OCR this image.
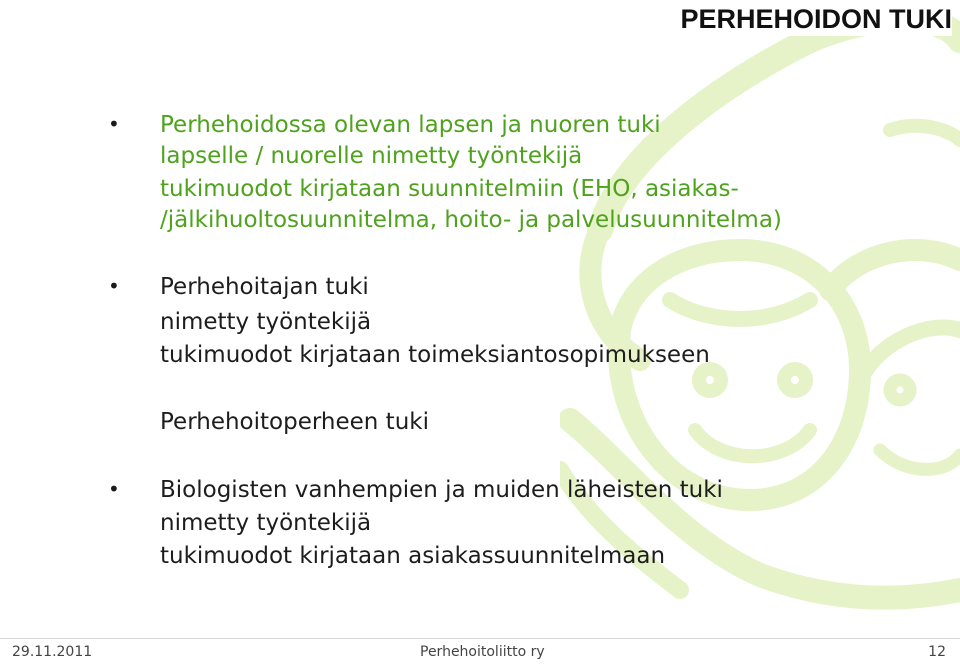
PERHEHOIDON TUKI
• Perhehoidossa olevan lapsen ja nuoren tuki
lapselle / nuorelle nimetty työntekijä
tukimuodot kirjataan suunnitelmiin (EHO, asiakas-
/jälkihuoltosuunnitelma, hoito- ja palvelusuunnitelma)
• Perhehoitajan tuki
nimetty työntekijä
tukimuodot kirjataan toimeksiantosopimukseen
Perhehoitoperheen tuki
• Biologisten vanhempien ja muiden läheisten tuki
nimetty työntekijä
tukimuodot kirjataan asiakassuunnitelmaan
29.11.2011	Perhehoitoliitto ry	12
